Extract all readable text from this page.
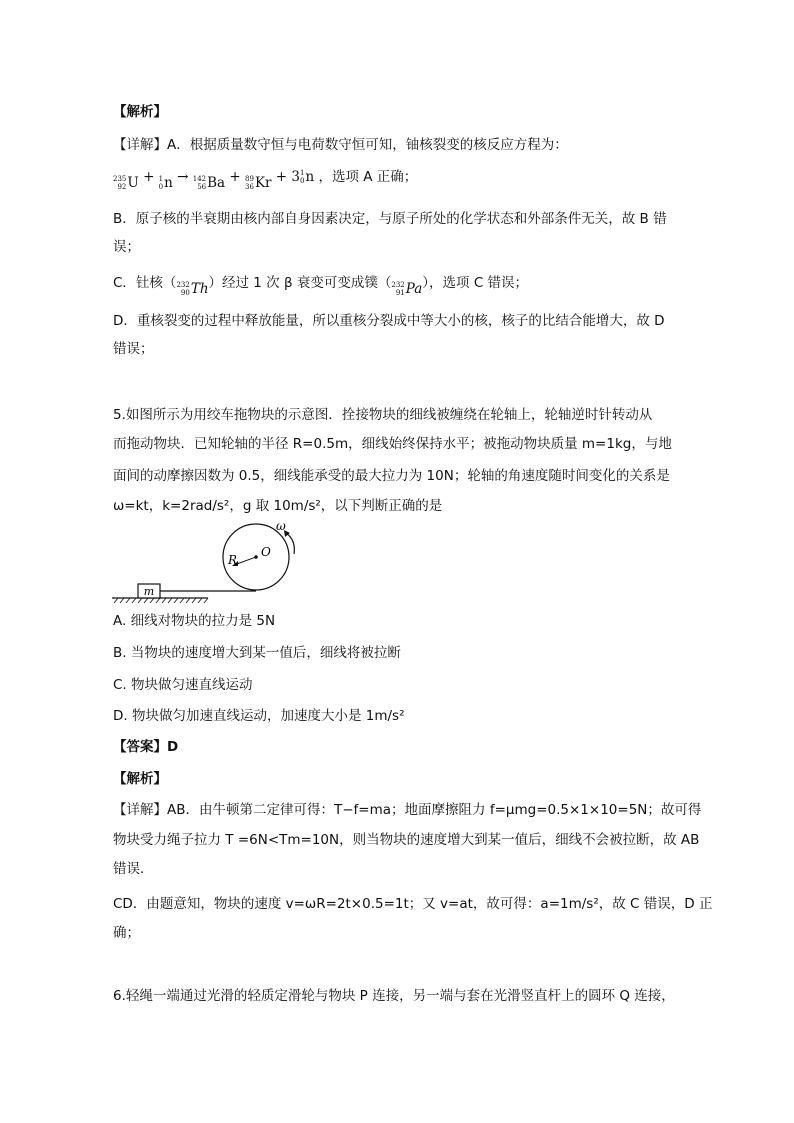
【解析】
【详解】A．根据质量数守恒与电荷数守恒可知，铀核裂变的核反应方程为：
235
92 U + 1
0 n → 142
56 Ba + 89
36 Kr + 3 1
0 n ，选项 A 正确；
B．原子核的半衰期由核内部自身因素决定，与原子所处的化学状态和外部条件无关，故 B 错
误；
C．钍核（ 232
90 Th ）经过 1 次 β 衰变可变成镤（ 232
91 Pa ），选项 C 错误；
D．重核裂变的过程中释放能量，所以重核分裂成中等大小的核，核子的比结合能增大，故 D
错误；
5.如图所示为用绞车拖物块的示意图．拴接物块的细线被缠绕在轮轴上，轮轴逆时针转动从
而拖动物块．已知轮轴的半径 R=0.5m，细线始终保持水平；被拖动物块质量 m=1kg，与地
面间的动摩擦因数为 0.5，细线能承受的最大拉力为 10N；轮轴的角速度随时间变化的关系是
ω=kt，k=2rad/s²，g 取 10m/s²，以下判断正确的是
m
O
R
ω
A. 细线对物块的拉力是 5N
B. 当物块的速度增大到某一值后，细线将被拉断
C. 物块做匀速直线运动
D. 物块做匀加速直线运动，加速度大小是 1m/s²
【答案】D
【解析】
【详解】AB．由牛顿第二定律可得：T−f=ma；地面摩擦阻力 f=μmg=0.5×1×10=5N；故可得
物块受力绳子拉力 T =6N<Tm=10N，则当物块的速度增大到某一值后，细线不会被拉断，故 AB
错误.
CD．由题意知，物块的速度 v=ωR=2t×0.5=1t；又 v=at，故可得：a=1m/s²，故 C 错误，D 正
确；
6.轻绳一端通过光滑的轻质定滑轮与物块 P 连接，另一端与套在光滑竖直杆上的圆环 Q 连接，
